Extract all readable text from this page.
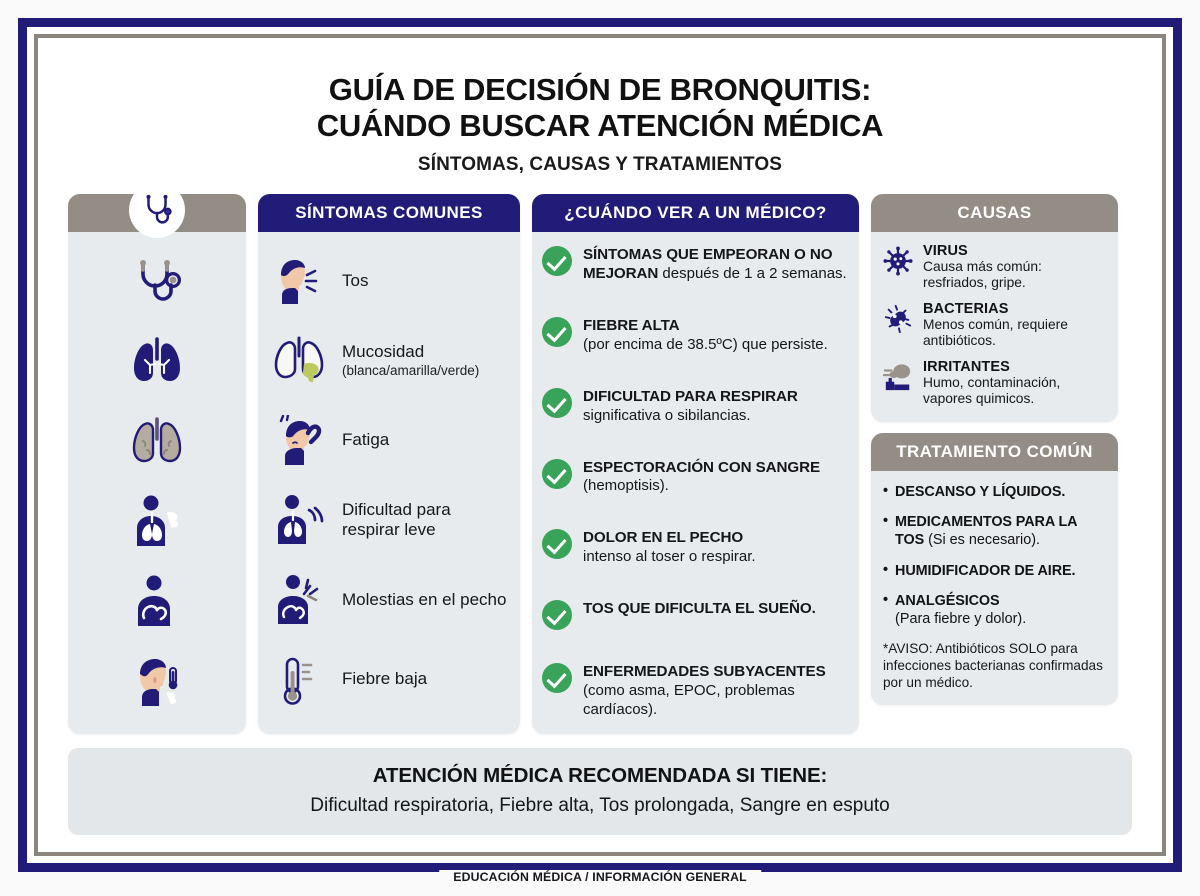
GUÍA DE DECISIÓN DE BRONQUITIS:
CUÁNDO BUSCAR ATENCIÓN MÉDICA
SÍNTOMAS, CAUSAS Y TRATAMIENTOS
SÍNTOMAS COMUNES
Tos
Mucosidad
(blanca/amarilla/verde)
Fatiga
Dificultad para respirar leve
Molestias en el pecho
Fiebre baja
¿CUÁNDO VER A UN MÉDICO?
SÍNTOMAS QUE EMPEORAN O NO MEJORAN después de 1 a 2 semanas.
FIEBRE ALTA
(por encima de 38.5ºC) que persiste.
DIFICULTAD PARA RESPIRAR
significativa o sibilancias.
ESPECTORACIÓN CON SANGRE
(hemoptisis).
DOLOR EN EL PECHO
intenso al toser o respirar.
TOS QUE DIFICULTA EL SUEÑO.
ENFERMEDADES SUBYACENTES
(como asma, EPOC, problemas cardíacos).
CAUSAS
VIRUS
Causa más común: resfriados, gripe.
BACTERIAS
Menos común, requiere antibióticos.
IRRITANTES
Humo, contaminación, vapores quimicos.
TRATAMIENTO COMÚN
• DESCANSO Y LÍQUIDOS.
• MEDICAMENTOS PARA LA TOS (Si es necesario).
• HUMIDIFICADOR DE AIRE.
• ANALGÉSICOS
(Para fiebre y dolor).
*AVISO: Antibióticos SOLO para infecciones bacterianas confirmadas por un médico.
ATENCIÓN MÉDICA RECOMENDADA SI TIENE:
Dificultad respiratoria, Fiebre alta, Tos prolongada, Sangre en esputo
EDUCACIÓN MÉDICA / INFORMACIÓN GENERAL
